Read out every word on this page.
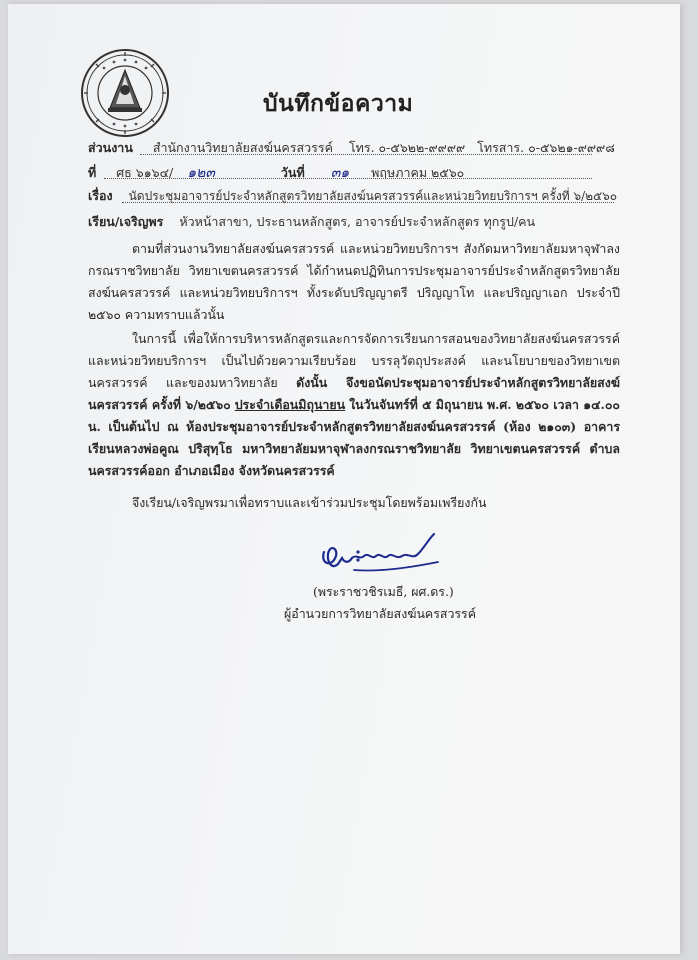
บันทึกข้อความ
ส่วนงาน สำนักงานวิทยาลัยสงฆ์นครสวรรค์ โทร. ๐-๕๖๒๒-๙๙๙๙ โทรสาร. ๐-๕๖๒๑-๙๙๙๘
ที่ ศธ ๖๑๖๔/ ๑๒๓	วันที่ ๓๑ พฤษภาคม ๒๕๖๐
เรื่อง นัดประชุมอาจารย์ประจำหลักสูตรวิทยาลัยสงฆ์นครสวรรค์และหน่วยวิทยบริการฯ ครั้งที่ ๖/๒๕๖๐
เรียน/เจริญพร หัวหน้าสาขา, ประธานหลักสูตร, อาจารย์ประจำหลักสูตร ทุกรูป/คน
ตามที่ส่วนงานวิทยาลัยสงฆ์นครสวรรค์ และหน่วยวิทยบริการฯ สังกัดมหาวิทยาลัยมหาจุฬาลงกรณราชวิทยาลัย วิทยาเขตนครสวรรค์ ได้กำหนดปฏิทินการประชุมอาจารย์ประจำหลักสูตรวิทยาลัยสงฆ์นครสวรรค์ และหน่วยวิทยบริการฯ ทั้งระดับปริญญาตรี ปริญญาโท และปริญญาเอก ประจำปี ๒๕๖๐ ความทราบแล้วนั้น
ในการนี้ เพื่อให้การบริหารหลักสูตรและการจัดการเรียนการสอนของวิทยาลัยสงฆ์นครสวรรค์และหน่วยวิทยบริการฯ เป็นไปด้วยความเรียบร้อย บรรลุวัตถุประสงค์ และนโยบายของวิทยาเขตนครสวรรค์ และของมหาวิทยาลัย ดังนั้น จึงขอนัดประชุมอาจารย์ประจำหลักสูตรวิทยาลัยสงฆ์นครสวรรค์ ครั้งที่ ๖/๒๕๖๐ ประจำเดือนมิถุนายน ในวันจันทร์ที่ ๕ มิถุนายน พ.ศ. ๒๕๖๐ เวลา ๑๔.๐๐ น. เป็นต้นไป ณ ห้องประชุมอาจารย์ประจำหลักสูตรวิทยาลัยสงฆ์นครสวรรค์ (ห้อง ๒๑๐๓) อาคารเรียนหลวงพ่อคูณ ปริสุทฺโธ มหาวิทยาลัยมหาจุฬาลงกรณราชวิทยาลัย วิทยาเขตนครสวรรค์ ตำบลนครสวรรค์ออก อำเภอเมือง จังหวัดนครสวรรค์
จึงเรียน/เจริญพรมาเพื่อทราบและเข้าร่วมประชุมโดยพร้อมเพรียงกัน
(พระราชวชิรเมธี, ผศ.ดร.)
ผู้อำนวยการวิทยาลัยสงฆ์นครสวรรค์
